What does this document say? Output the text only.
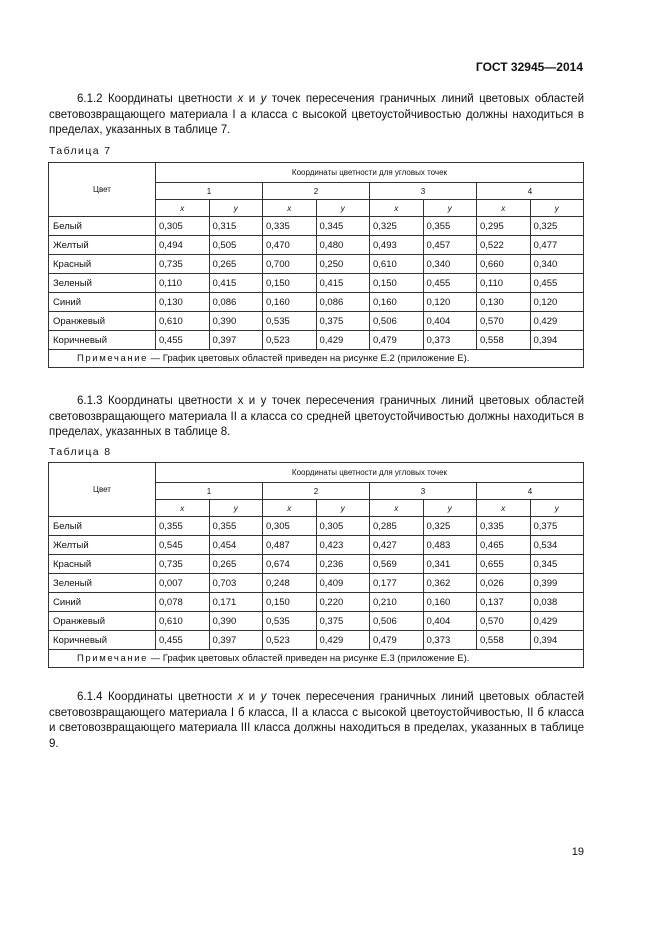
ГОСТ 32945—2014

6.1.2 Координаты цветности х и у точек пересечения граничных линий цветовых областей световозвращающего материала I а класса с высокой цветоустойчивостью должны находиться в пределах, указанных в таблице 7.

Таблица 7
Цвет	Координаты цветности для угловых точек							
	1		2		3		4	
	х	у	х	у	х	у	х	у
Белый	0,305	0,315	0,335	0,345	0,325	0,355	0,295	0,325
Желтый	0,494	0,505	0,470	0,480	0,493	0,457	0,522	0,477
Красный	0,735	0,265	0,700	0,250	0,610	0,340	0,660	0,340
Зеленый	0,110	0,415	0,150	0,415	0,150	0,455	0,110	0,455
Синий	0,130	0,086	0,160	0,086	0,160	0,120	0,130	0,120
Оранжевый	0,610	0,390	0,535	0,375	0,506	0,404	0,570	0,429
Коричневый	0,455	0,397	0,523	0,429	0,479	0,373	0,558	0,394
Примечание — График цветовых областей приведен на рисунке Е.2 (приложение Е).								

6.1.3 Координаты цветности х и у точек пересечения граничных линий цветовых областей световозвращающего материала II а класса со средней цветоустойчивостью должны находиться в пределах, указанных в таблице 8.

Таблица 8
Цвет	Координаты цветности для угловых точек							
	1		2		3		4	
	х	у	х	у	х	у	х	у
Белый	0,355	0,355	0,305	0,305	0,285	0,325	0,335	0,375
Желтый	0,545	0,454	0,487	0,423	0,427	0,483	0,465	0,534
Красный	0,735	0,265	0,674	0,236	0,569	0,341	0,655	0,345
Зеленый	0,007	0,703	0,248	0,409	0,177	0,362	0,026	0,399
Синий	0,078	0,171	0,150	0,220	0,210	0,160	0,137	0,038
Оранжевый	0,610	0,390	0,535	0,375	0,506	0,404	0,570	0,429
Коричневый	0,455	0,397	0,523	0,429	0,479	0,373	0,558	0,394
Примечание — График цветовых областей приведен на рисунке Е.3 (приложение Е).								

6.1.4 Координаты цветности х и у точек пересечения граничных линий цветовых областей световозвращающего материала I б класса, II а класса с высокой цветоустойчивостью, II б класса и световозвращающего материала III класса должны находиться в пределах, указанных в таблице 9.

19
